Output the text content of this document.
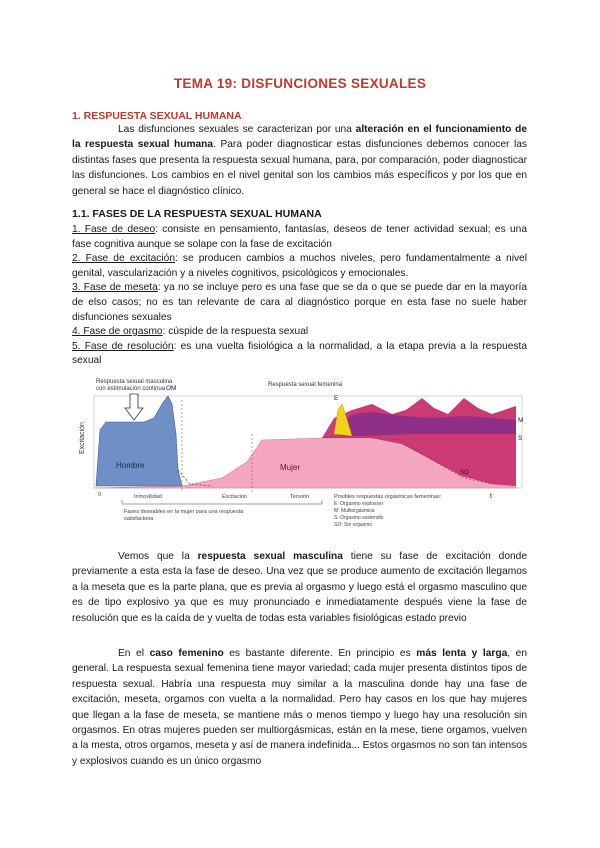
TEMA 19: DISFUNCIONES SEXUALES
1. RESPUESTA SEXUAL HUMANA
Las disfunciones sexuales se caracterizan por una alteración en el funcionamiento de la respuesta sexual humana. Para poder diagnosticar estas disfunciones debemos conocer las distintas fases que presenta la respuesta sexual humana, para, por comparación, poder diagnosticar las disfunciones. Los cambios en el nivel genital son los cambios más específicos y por los que en general se hace el diagnóstico clínico.
1.1. FASES DE LA RESPUESTA SEXUAL HUMANA

1. Fase de deseo: consiste en pensamiento, fantasías, deseos de tener actividad sexual; es una fase cognitiva aunque se solape con la fase de excitación

2. Fase de excitación: se producen cambios a muchos niveles, pero fundamentalmente a nivel genital, vascularización y a niveles cognitivos, psicológicos y emocionales.

3. Fase de meseta: ya no se incluye pero es una fase que se da o que se puede dar en la mayoría de elso casos; no es tan relevante de cara al diagnóstico porque en esta fase no suele haber disfunciones sexuales

4. Fase de orgasmo: cúspide de la respuesta sexual

5. Fase de resolución: es una vuelta fisiológica a la normalidad, a la etapa previa a la respuesta sexual

Respuesta sexual masculina
con estimulación continua
Respuesta sexual femenina
Excitación
OM
Hombre	Mujer
E
M
S
SO
t
0	Inmovilidad	Excitación	Tensión
Fases deseables en la mujer para una respuesta
satisfactoria
Posibles respuestas orgásmicas femeninas:
E: Orgasmo explosivo
M: Multiorgásmica
S: Orgasmo sostenido
SO: Sin orgasmo
Vemos que la respuesta sexual masculina tiene su fase de excitación donde previamente a esta esta la fase de deseo. Una vez que se produce aumento de excitación llegamos a la meseta que es la parte plana, que es previa al orgasmo y luego está el orgasmo masculino que es de tipo explosivo ya que es muy pronunciado e inmediatamente después viene la fase de resolución que es la caída de y vuelta de todas esta variables fisiológicas estado previo
En el caso femenino es bastante diferente. En principio es más lenta y larga, en general. La respuesta sexual femenina tiene mayor variedad; cada mujer presenta distintos tipos de respuesta sexual. Habría una respuesta muy similar a la masculina donde hay una fase de excitación, meseta, orgamos con vuelta a la normalidad. Pero hay casos en los que hay mujeres que llegan a la fase de meseta, se mantiene más o menos tiempo y luego hay una resolución sin orgasmos. En otras mujeres pueden ser multiorgásmicas, están en la mese, tiene orgamos, vuelven a la mesta, otros orgamos, meseta y así de manera indefinida... Estos orgasmos no son tan intensos y explosivos cuando es un único orgasmo
